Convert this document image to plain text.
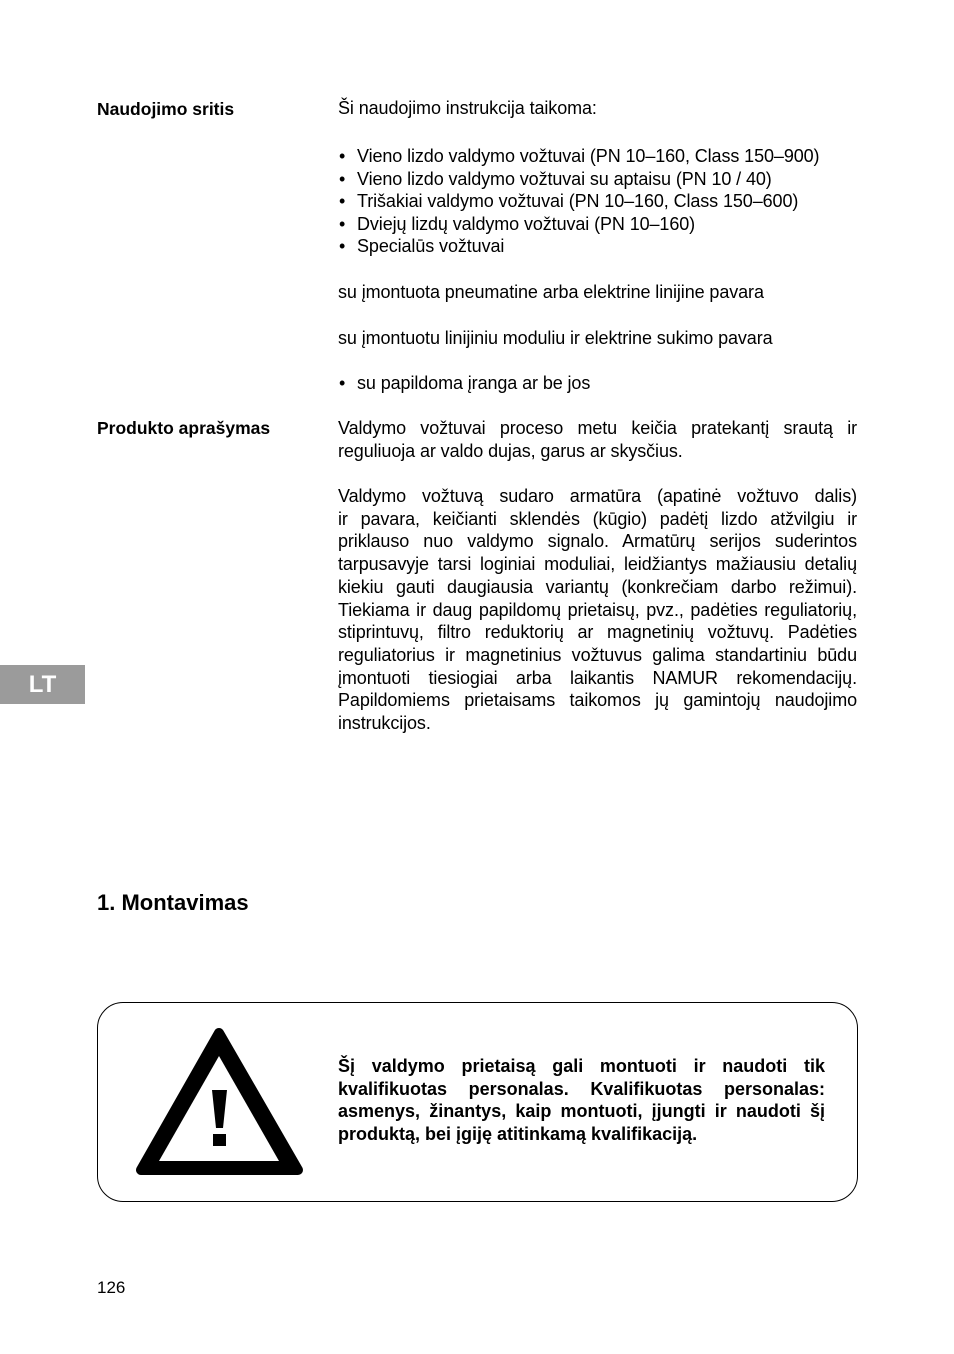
Naudojimo sritis	Ši naudojimo instrukcija taikoma:
• Vieno lizdo valdymo vožtuvai (PN 10–160, Class 150–900)
• Vieno lizdo valdymo vožtuvai su aptaisu (PN 10 / 40)
• Trišakiai valdymo vožtuvai (PN 10–160, Class 150–600)
• Dviejų lizdų valdymo vožtuvai (PN 10–160)
• Specialūs vožtuvai
su įmontuota pneumatine arba elektrine linijine pavara
su įmontuotu linijiniu moduliu ir elektrine sukimo pavara
• su papildoma įranga ar be jos
Produkto aprašymas	Valdymo vožtuvai proceso metu keičia pratekantį srautą ir
reguliuoja ar valdo dujas, garus ar skysčius.
Valdymo vožtuvą sudaro armatūra (apatinė vožtuvo dalis)
ir pavara, keičianti sklendės (kūgio) padėtį lizdo atžvilgiu ir
priklauso nuo valdymo signalo. Armatūrų serijos suderintos
tarpusavyje tarsi loginiai moduliai, leidžiantys mažiausiu detalių
kiekiu gauti daugiausia variantų (konkrečiam darbo režimui).
Tiekiama ir daug papildomų prietaisų, pvz., padėties reguliatorių,
stiprintuvų, filtro reduktorių ar magnetinių vožtuvų. Padėties
reguliatorius ir magnetinius vožtuvus galima standartiniu būdu
įmontuoti tiesiogiai arba laikantis NAMUR rekomendacijų.
Papildomiems prietaisams taikomos jų gamintojų naudojimo
instrukcijos.
LT
1. Montavimas
Šį valdymo prietaisą gali montuoti ir naudoti tik
kvalifikuotas personalas. Kvalifikuotas personalas:
asmenys, žinantys, kaip montuoti, įjungti ir naudoti šį
produktą, bei įgiję atitinkamą kvalifikaciją.
126
